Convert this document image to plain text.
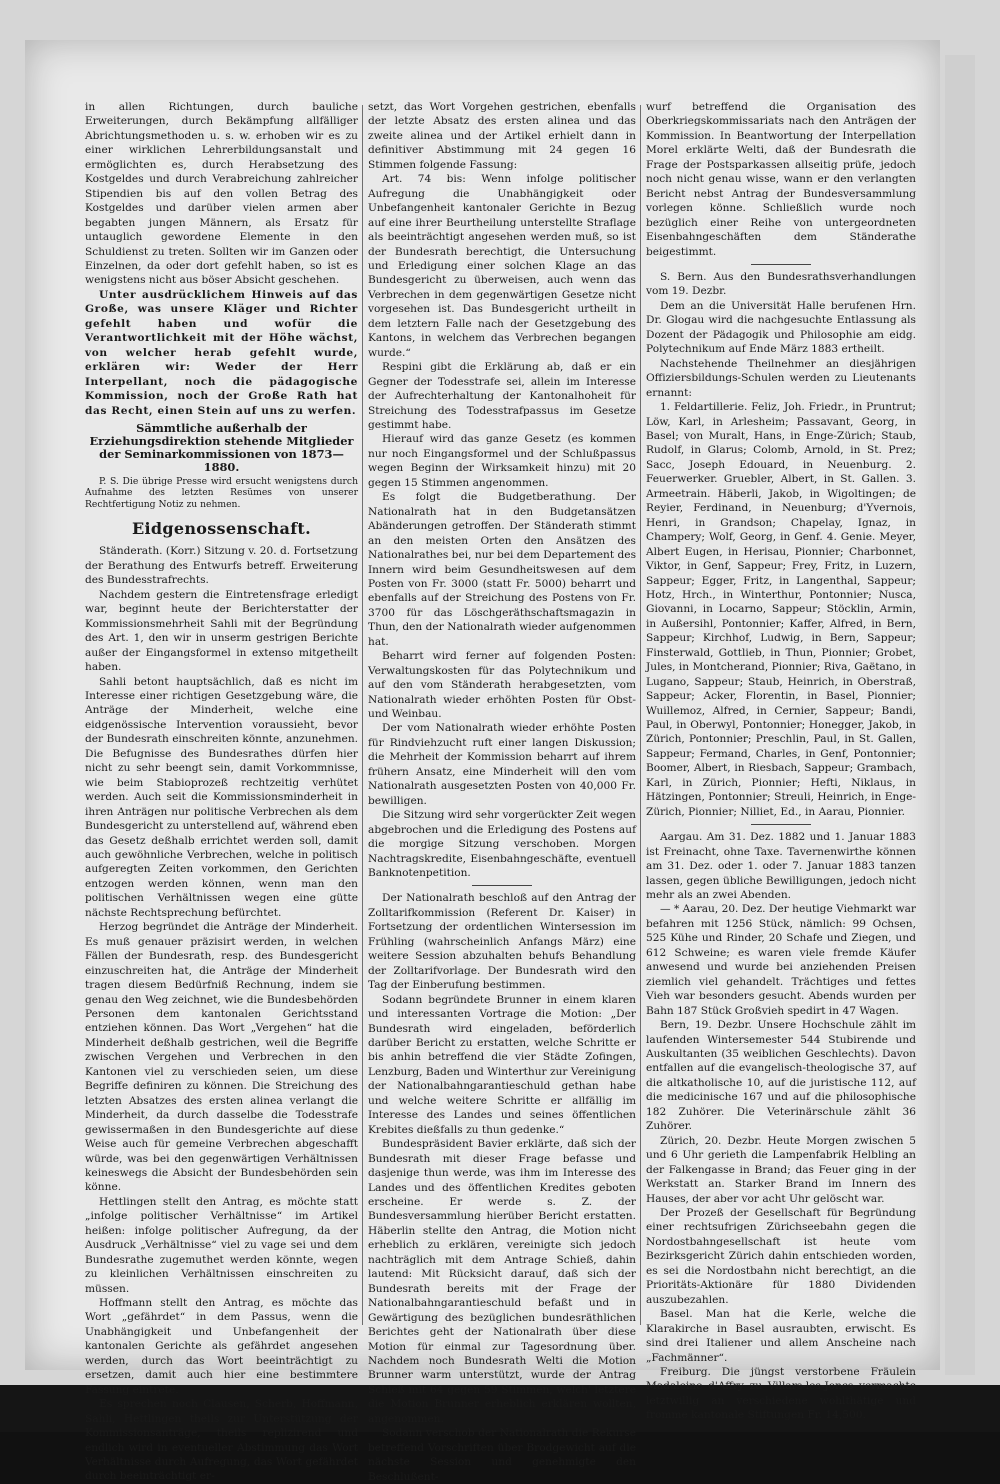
in allen Richtungen, durch bauliche Erweiterungen, durch Bekämpfung allfälliger Abrichtungsmethoden u. s. w. erhoben wir es zu einer wirklichen Lehrerbildungsanstalt und ermöglichten es, durch Herabsetzung des Kostgeldes und durch Verabreichung zahlreicher Stipendien bis auf den vollen Betrag des Kostgeldes und darüber vielen armen aber begabten jungen Männern, als Ersatz für untauglich gewordene Elemente in den Schuldienst zu treten. Sollten wir im Ganzen oder Einzelnen, da oder dort gefehlt haben, so ist es wenigstens nicht aus böser Absicht geschehen.

Unter ausdrücklichem Hinweis auf das Große, was unsere Kläger und Richter gefehlt haben und wofür die Verantwortlichkeit mit der Höhe wächst, von welcher herab gefehlt wurde, erklären wir: Weder der Herr Interpellant, noch die pädagogische Kommission, noch der Große Rath hat das Recht, einen Stein auf uns zu werfen.

Sämmtliche außerhalb der Erziehungsdirektion stehende Mitglieder der Seminarkommissionen von 1873—1880.

P. S. Die übrige Presse wird ersucht wenigstens durch Aufnahme des letzten Resümes von unserer Rechtfertigung Notiz zu nehmen.

Eidgenossenschaft.

Ständerath. (Korr.) Sitzung v. 20. d. Fortsetzung der Berathung des Entwurfs betreff. Erweiterung des Bundesstrafrechts.

Nachdem gestern die Eintretensfrage erledigt war, beginnt heute der Berichterstatter der Kommissionsmehrheit Sahli mit der Begründung des Art. 1, den wir in unserm gestrigen Berichte außer der Eingangsformel in extenso mitgetheilt haben.

Sahli betont hauptsächlich, daß es nicht im Interesse einer richtigen Gesetzgebung wäre, die Anträge der Minderheit, welche eine eidgenössische Intervention voraussieht, bevor der Bundesrath einschreiten könnte, anzunehmen. Die Befugnisse des Bundesrathes dürfen hier nicht zu sehr beengt sein, damit Vorkommnisse, wie beim Stabioprozeß rechtzeitig verhütet werden. Auch seit die Kommissionsminderheit in ihren Anträgen nur politische Verbrechen als dem Bundesgericht zu unterstellend auf, während eben das Gesetz deßhalb errichtet werden soll, damit auch gewöhnliche Verbrechen, welche in politisch aufgeregten Zeiten vorkommen, den Gerichten entzogen werden können, wenn man den politischen Verhältnissen wegen eine gütte nächste Rechtsprechung befürchtet.

Herzog begründet die Anträge der Minderheit. Es muß genauer präzisirt werden, in welchen Fällen der Bundesrath, resp. des Bundesgericht einzuschreiten hat, die Anträge der Minderheit tragen diesem Bedürfniß Rechnung, indem sie genau den Weg zeichnet, wie die Bundesbehörden Personen dem kantonalen Gerichtsstand entziehen können. Das Wort „Vergehen“ hat die Minderheit deßhalb gestrichen, weil die Begriffe zwischen Vergehen und Verbrechen in den Kantonen viel zu verschieden seien, um diese Begriffe definiren zu können. Die Streichung des letzten Absatzes des ersten alinea verlangt die Minderheit, da durch dasselbe die Todesstrafe gewissermaßen in den Bundesgerichte auf diese Weise auch für gemeine Verbrechen abgeschafft würde, was bei den gegenwärtigen Verhältnissen keineswegs die Absicht der Bundesbehörden sein könne.

Hettlingen stellt den Antrag, es möchte statt „infolge politischer Verhältnisse“ im Artikel heißen: infolge politischer Aufregung, da der Ausdruck „Verhältnisse“ viel zu vage sei und dem Bundesrathe zugemuthet werden könnte, wegen zu kleinlichen Verhältnissen einschreiten zu müssen.

Hoffmann stellt den Antrag, es möchte das Wort „gefährdet“ in dem Passus, wenn die Unabhängigkeit und Unbefangenheit der kantonalen Gerichte als gefährdet angesehen werden, durch das Wort beeinträchtigt zu ersetzen, damit auch hier eine bestimmtere Fassung eintrete.

Es sprechen noch Clausen, Scherb, Hoffmann, Sahli, Hettlingen theils zur Unterstützung der Kommissionsanträge, theils replizirend und endlich wird in eventueller Abstimmung das Wort Verhältnisse durch Aufregung, das Wort gefährdet durch beeinträchtigt er-

setzt, das Wort Vorgehen gestrichen, ebenfalls der letzte Absatz des ersten alinea und das zweite alinea und der Artikel erhielt dann in definitiver Abstimmung mit 24 gegen 16 Stimmen folgende Fassung:

Art. 74 bis: Wenn infolge politischer Aufregung die Unabhängigkeit oder Unbefangenheit kantonaler Gerichte in Bezug auf eine ihrer Beurtheilung unterstellte Straflage als beeinträchtigt angesehen werden muß, so ist der Bundesrath berechtigt, die Untersuchung und Erledigung einer solchen Klage an das Bundesgericht zu überweisen, auch wenn das Verbrechen in dem gegenwärtigen Gesetze nicht vorgesehen ist. Das Bundesgericht urtheilt in dem letztern Falle nach der Gesetzgebung des Kantons, in welchem das Verbrechen begangen wurde.“

Respini gibt die Erklärung ab, daß er ein Gegner der Todesstrafe sei, allein im Interesse der Aufrechterhaltung der Kantonalhoheit für Streichung des Todesstrafpassus im Gesetze gestimmt habe.

Hierauf wird das ganze Gesetz (es kommen nur noch Eingangsformel und der Schlußpassus wegen Beginn der Wirksamkeit hinzu) mit 20 gegen 15 Stimmen angenommen.

Es folgt die Budgetberathung. Der Nationalrath hat in den Budgetansätzen Abänderungen getroffen. Der Ständerath stimmt an den meisten Orten den Ansätzen des Nationalrathes bei, nur bei dem Departement des Innern wird beim Gesundheitswesen auf dem Posten von Fr. 3000 (statt Fr. 5000) beharrt und ebenfalls auf der Streichung des Postens von Fr. 3700 für das Löschgeräthschaftsmagazin in Thun, den der Nationalrath wieder aufgenommen hat.

Beharrt wird ferner auf folgenden Posten: Verwaltungskosten für das Polytechnikum und auf den vom Ständerath herabgesetzten, vom Nationalrath wieder erhöhten Posten für Obst- und Weinbau.

Der vom Nationalrath wieder erhöhte Posten für Rindviehzucht ruft einer langen Diskussion; die Mehrheit der Kommission beharrt auf ihrem frühern Ansatz, eine Minderheit will den vom Nationalrath ausgesetzten Posten von 40,000 Fr. bewilligen.

Die Sitzung wird sehr vorgerückter Zeit wegen abgebrochen und die Erledigung des Postens auf die morgige Sitzung verschoben. Morgen Nachtragskredite, Eisenbahngeschäfte, eventuell Banknotenpetition.

Der Nationalrath beschloß auf den Antrag der Zolltarifkommission (Referent Dr. Kaiser) in Fortsetzung der ordentlichen Wintersession im Frühling (wahrscheinlich Anfangs März) eine weitere Session abzuhalten behufs Behandlung der Zolltarifvorlage. Der Bundesrath wird den Tag der Einberufung bestimmen.

Sodann begründete Brunner in einem klaren und interessanten Vortrage die Motion: „Der Bundesrath wird eingeladen, beförderlich darüber Bericht zu erstatten, welche Schritte er bis anhin betreffend die vier Städte Zofingen, Lenzburg, Baden und Winterthur zur Vereinigung der Nationalbahngarantieschuld gethan habe und welche weitere Schritte er allfällig im Interesse des Landes und seines öffentlichen Krebites dießfalls zu thun gedenke.“

Bundespräsident Bavier erklärte, daß sich der Bundesrath mit dieser Frage befasse und dasjenige thun werde, was ihm im Interesse des Landes und des öffentlichen Kredites geboten erscheine. Er werde s. Z. der Bundesversammlung hierüber Bericht erstatten. Häberlin stellte den Antrag, die Motion nicht erheblich zu erklären, vereinigte sich jedoch nachträglich mit dem Antrage Schieß, dahin lautend: Mit Rücksicht darauf, daß sich der Bundesrath bereits mit der Frage der Nationalbahngarantieschuld befaßt und in Gewärtigung des bezüglichen bundesräthlichen Berichtes geht der Nationalrath über diese Motion für einmal zur Tagesordnung über. Nachdem noch Bundesrath Welti die Motion Brunner warm unterstützt, wurde der Antrag Schieß mit 64 gegen 59 Stimmen, welch' letztere die Motion Brunner erheblich erklären wollten, angenommen.

Sodann verschob der Nationalrath die Rekurse betreffend Vorschriften über Brodgewicht auf die nächste Session und genehmigte den Beschlußent-

wurf betreffend die Organisation des Oberkriegskommissariats nach den Anträgen der Kommission. In Beantwortung der Interpellation Morel erklärte Welti, daß der Bundesrath die Frage der Postsparkassen allseitig prüfe, jedoch noch nicht genau wisse, wann er den verlangten Bericht nebst Antrag der Bundesversammlung vorlegen könne. Schließlich wurde noch bezüglich einer Reihe von untergeordneten Eisenbahngeschäften dem Ständerathe beigestimmt.

S. Bern. Aus den Bundesrathsverhandlungen vom 19. Dezbr.

Dem an die Universität Halle berufenen Hrn. Dr. Glogau wird die nachgesuchte Entlassung als Dozent der Pädagogik und Philosophie am eidg. Polytechnikum auf Ende März 1883 ertheilt.

Nachstehende Theilnehmer an diesjährigen Offiziersbildungs-Schulen werden zu Lieutenants ernannt:

1. Feldartillerie. Feliz, Joh. Friedr., in Pruntrut; Löw, Karl, in Arlesheim; Passavant, Georg, in Basel; von Muralt, Hans, in Enge-Zürich; Staub, Rudolf, in Glarus; Colomb, Arnold, in St. Prez; Sacc, Joseph Edouard, in Neuenburg. 2. Feuerwerker. Gruebler, Albert, in St. Gallen. 3. Armeetrain. Häberli, Jakob, in Wigoltingen; de Reyier, Ferdinand, in Neuenburg; d'Yvernois, Henri, in Grandson; Chapelay, Ignaz, in Champery; Wolf, Georg, in Genf. 4. Genie. Meyer, Albert Eugen, in Herisau, Pionnier; Charbonnet, Viktor, in Genf, Sappeur; Frey, Fritz, in Luzern, Sappeur; Egger, Fritz, in Langenthal, Sappeur; Hotz, Hrch., in Winterthur, Pontonnier; Nusca, Giovanni, in Locarno, Sappeur; Stöcklin, Armin, in Außersihl, Pontonnier; Kaffer, Alfred, in Bern, Sappeur; Kirchhof, Ludwig, in Bern, Sappeur; Finsterwald, Gottlieb, in Thun, Pionnier; Grobet, Jules, in Montcherand, Pionnier; Riva, Gaëtano, in Lugano, Sappeur; Staub, Heinrich, in Oberstraß, Sappeur; Acker, Florentin, in Basel, Pionnier; Wuillemoz, Alfred, in Cernier, Sappeur; Bandi, Paul, in Oberwyl, Pontonnier; Honegger, Jakob, in Zürich, Pontonnier; Preschlin, Paul, in St. Gallen, Sappeur; Fermand, Charles, in Genf, Pontonnier; Boomer, Albert, in Riesbach, Sappeur; Grambach, Karl, in Zürich, Pionnier; Hefti, Niklaus, in Hätzingen, Pontonnier; Streuli, Heinrich, in Enge-Zürich, Pionnier; Nilliet, Ed., in Aarau, Pionnier.

Aargau. Am 31. Dez. 1882 und 1. Januar 1883 ist Freinacht, ohne Taxe. Tavernenwirthe können am 31. Dez. oder 1. oder 7. Januar 1883 tanzen lassen, gegen übliche Bewilligungen, jedoch nicht mehr als an zwei Abenden.

— * Aarau, 20. Dez. Der heutige Viehmarkt war befahren mit 1256 Stück, nämlich: 99 Ochsen, 525 Kühe und Rinder, 20 Schafe und Ziegen, und 612 Schweine; es waren viele fremde Käufer anwesend und wurde bei anziehenden Preisen ziemlich viel gehandelt. Trächtiges und fettes Vieh war besonders gesucht. Abends wurden per Bahn 187 Stück Großvieh spedirt in 47 Wagen.

Bern, 19. Dezbr. Unsere Hochschule zählt im laufenden Wintersemester 544 Stubirende und Auskultanten (35 weiblichen Geschlechts). Davon entfallen auf die evangelisch-theologische 37, auf die altkatholische 10, auf die juristische 112, auf die medicinische 167 und auf die philosophische 182 Zuhörer. Die Veterinärschule zählt 36 Zuhörer.

Zürich, 20. Dezbr. Heute Morgen zwischen 5 und 6 Uhr gerieth die Lampenfabrik Helbling an der Falkengasse in Brand; das Feuer ging in der Werkstatt an. Starker Brand im Innern des Hauses, der aber vor acht Uhr gelöscht war.

Der Prozeß der Gesellschaft für Begründung einer rechtsufrigen Zürichseebahn gegen die Nordostbahngesellschaft ist heute vom Bezirksgericht Zürich dahin entschieden worden, es sei die Nordostbahn nicht berechtigt, an die Prioritäts-Aktionäre für 1880 Dividenden auszubezahlen.

Basel. Man hat die Kerle, welche die Klarakirche in Basel ausraubten, erwischt. Es sind drei Italiener und allem Anscheine nach „Fachmänner“.

Freiburg. Die jüngst verstorbene Fräulein Madaleine d'Affry zu Villars-les-Joncs vermachte letztwillig an verschiedene wohlthätige und fromme kantonale Stiftungen Fr. 14,500.
